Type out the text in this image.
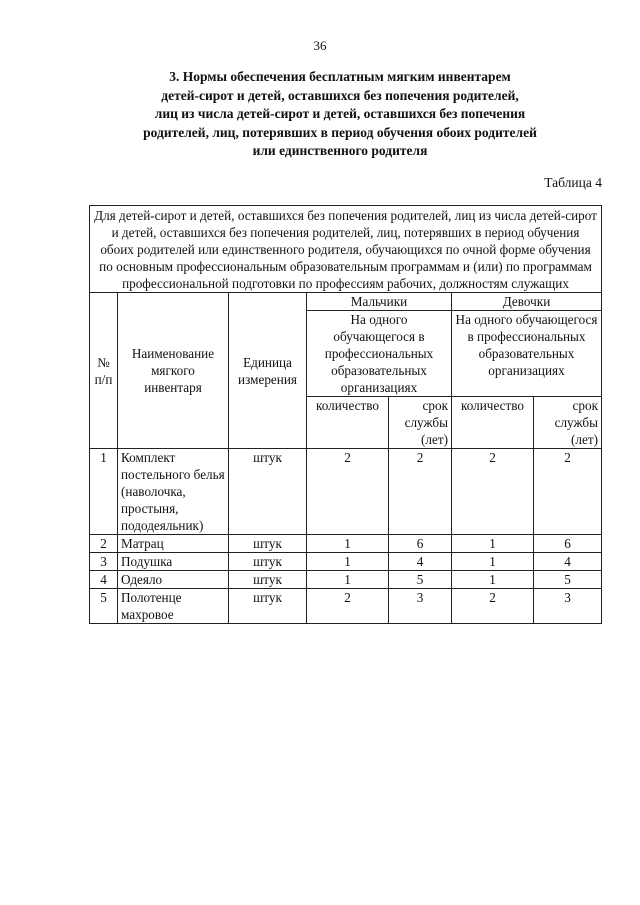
36
3. Нормы обеспечения бесплатным мягким инвентарем
детей-сирот и детей, оставшихся без попечения родителей,
лиц из числа детей-сирот и детей, оставшихся без попечения
родителей, лиц, потерявших в период обучения обоих родителей
или единственного родителя
Таблица 4
Для детей-сирот и детей, оставшихся без попечения родителей, лиц из числа детей-сирот и детей, оставшихся без попечения родителей, лиц, потерявших в период обучения обоих родителей или единственного родителя, обучающихся по очной форме обучения по основным профессиональным образовательным программам и (или) по программам профессиональной подготовки по профессиям рабочих, должностям служащих						
№ п/п	Наименование мягкого инвентаря	Единица измерения	Мальчики		Девочки	
			На одного обучающегося в профессиональных образовательных организациях		На одного обучающегося в профессиональных образовательных организациях	
			количество	срок службы (лет)	количество	срок службы (лет)
1	Комплект постельного белья (наволочка, простыня, пододеяльник)	штук	2	2	2	2
2	Матрац	штук	1	6	1	6
3	Подушка	штук	1	4	1	4
4	Одеяло	штук	1	5	1	5
5	Полотенце махровое	штук	2	3	2	3
